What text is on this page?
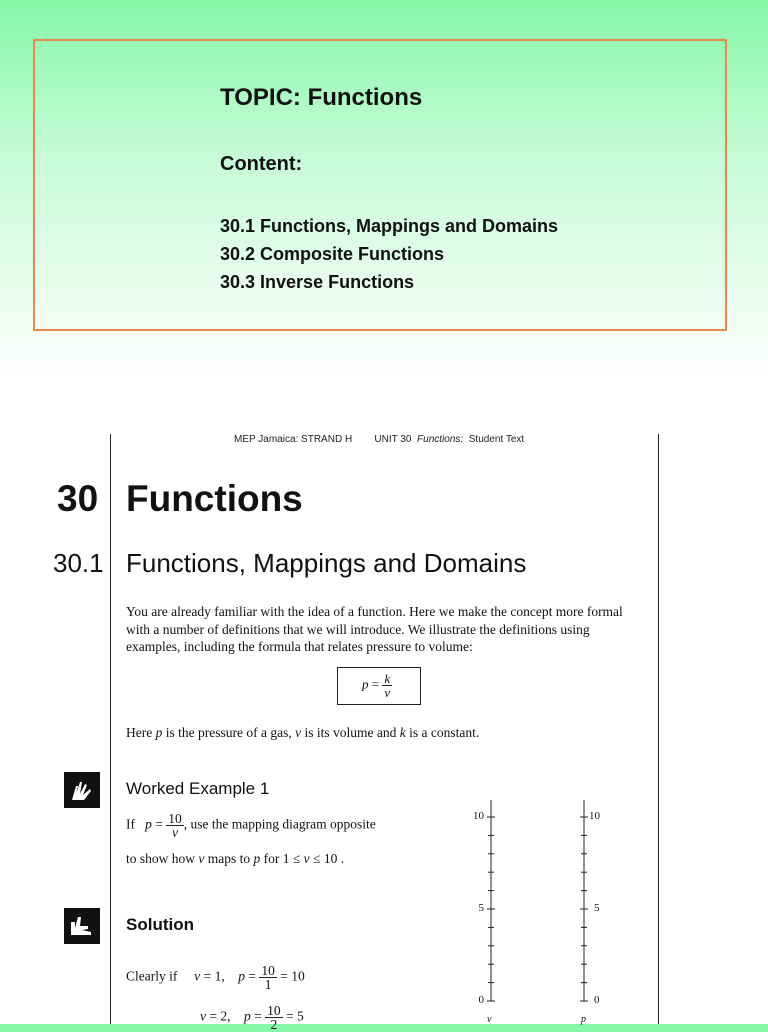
TOPIC: Functions
Content:
30.1 Functions, Mappings and Domains
30.2 Composite Functions
30.3 Inverse Functions
MEP Jamaica: STRAND H UNIT 30 Functions: Student Text
30 Functions
30.1 Functions, Mappings and Domains
You are already familiar with the idea of a function. Here we make the concept more formal with a number of definitions that we will introduce. We illustrate the definitions using examples, including the formula that relates pressure to volume:
$p = \frac{k}{v}$
Here p is the pressure of a gas, v is its volume and k is a constant.
Worked Example 1
If $p = \frac{10}{v}$ , use the mapping diagram opposite
to show how v maps to p for 1 ≤ v ≤ 10 .
Solution
Clearly if v = 1, $p = \frac{10}{1} = 10$
v = 2, $p = \frac{10}{2} = 5$
10
5
0
10
5
0
v	p
